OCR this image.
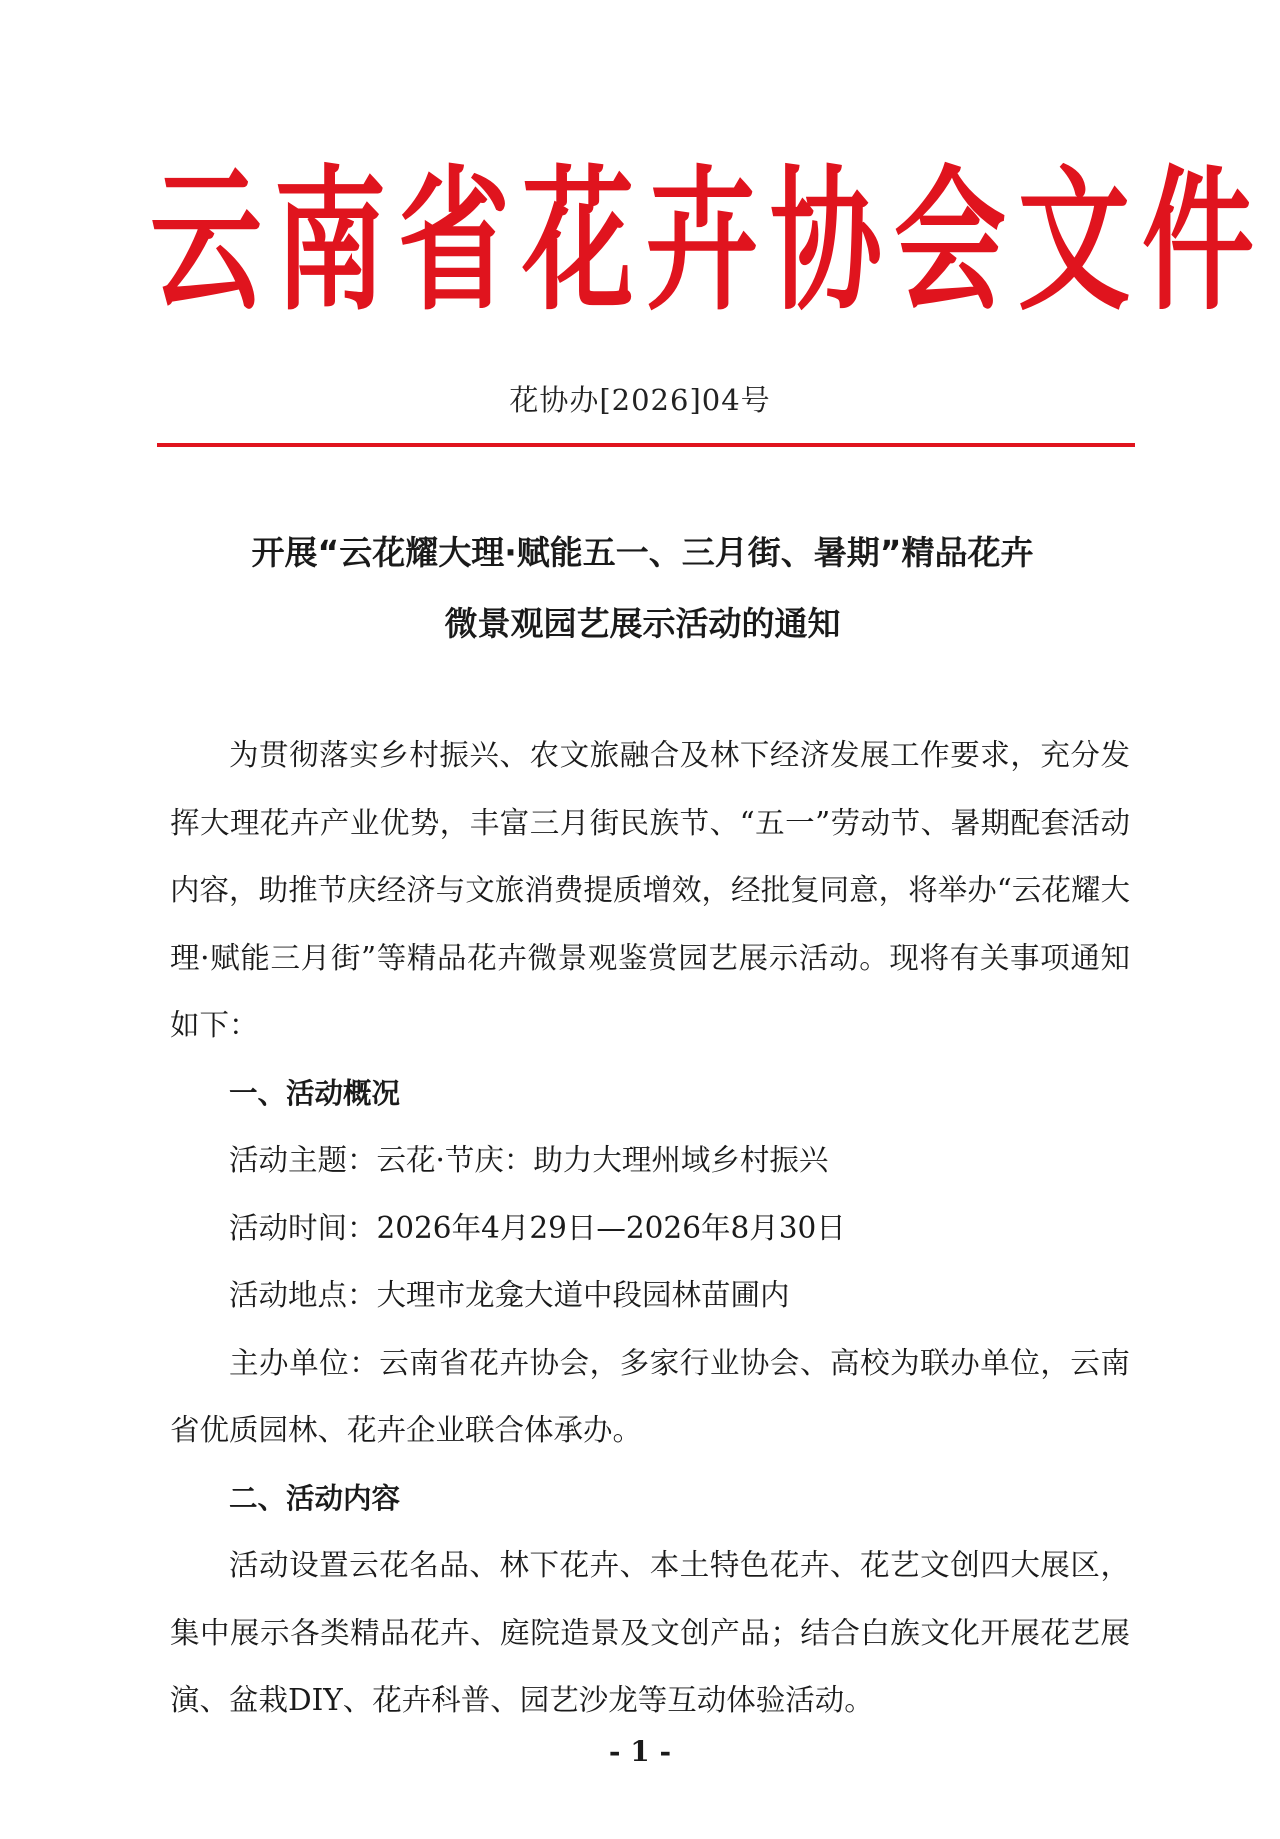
云南省花卉协会文件
花协办[2026]04号
开展“云花耀大理·赋能五一、三月街、暑期”精品花卉
微景观园艺展示活动的通知

为贯彻落实乡村振兴、农文旅融合及林下经济发展工作要求，充分发挥大理花卉产业优势，丰富三月街民族节、“五一”劳动节、暑期配套活动内容，助推节庆经济与文旅消费提质增效，经批复同意，将举办“云花耀大理·赋能三月街”等精品花卉微景观鉴赏园艺展示活动。现将有关事项通知如下：

一、活动概况

活动主题：云花·节庆：助力大理州域乡村振兴

活动时间：2026年4月29日—2026年8月30日

活动地点：大理市龙龛大道中段园林苗圃内

主办单位：云南省花卉协会，多家行业协会、高校为联办单位，云南省优质园林、花卉企业联合体承办。

二、活动内容

活动设置云花名品、林下花卉、本土特色花卉、花艺文创四大展区，集中展示各类精品花卉、庭院造景及文创产品；结合白族文化开展花艺展演、盆栽DIY、花卉科普、园艺沙龙等互动体验活动。

- 1 -
